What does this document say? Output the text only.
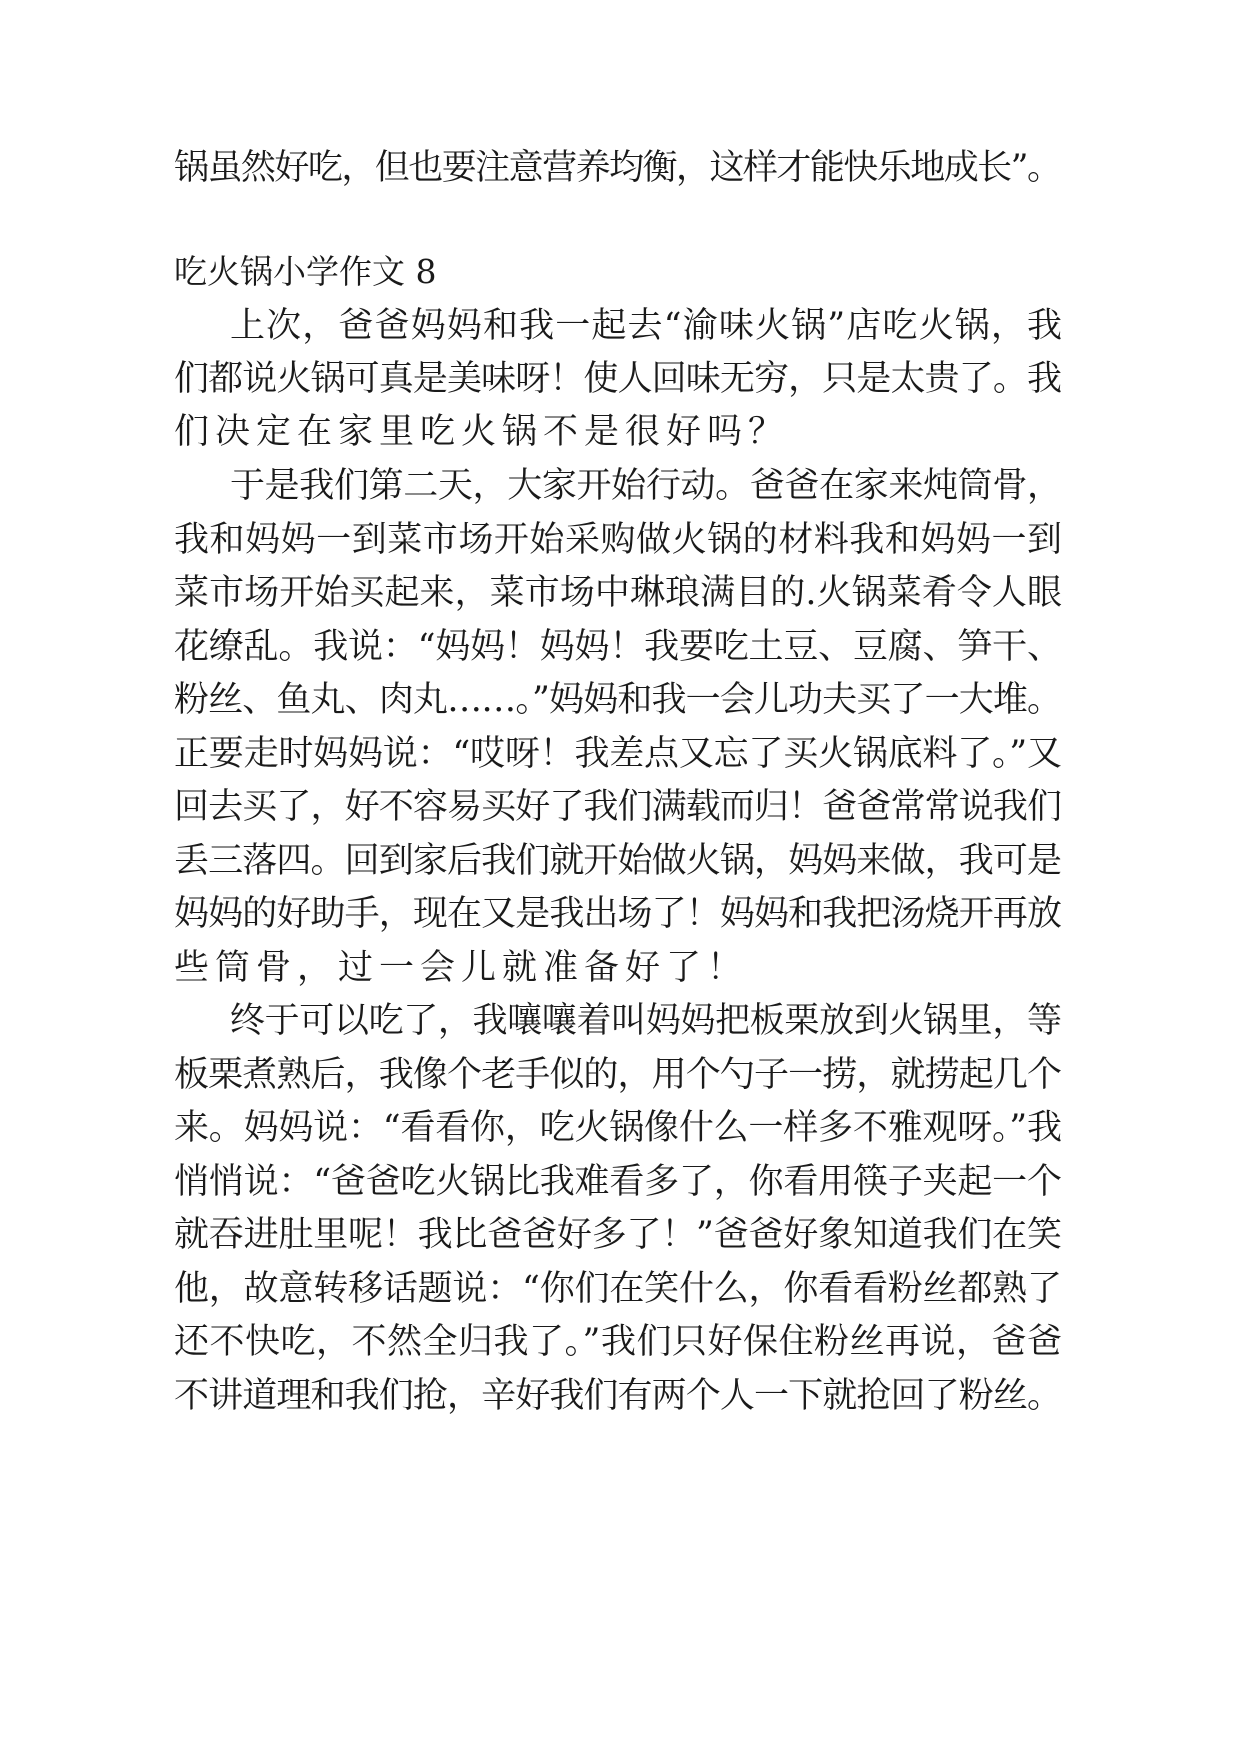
锅虽然好吃，但也要注意营养均衡，这样才能快乐地成长”。
吃火锅小学作文 8
上次，爸爸妈妈和我一起去“渝味火锅”店吃火锅，我
们都说火锅可真是美味呀！使人回味无穷，只是太贵了。我
们决定在家里吃火锅不是很好吗？
于是我们第二天，大家开始行动。爸爸在家来炖筒骨，
我和妈妈一到菜市场开始采购做火锅的材料我和妈妈一到
菜市场开始买起来，菜市场中琳琅满目的.火锅菜肴令人眼
花缭乱。我说：“妈妈！妈妈！我要吃土豆、豆腐、笋干、
粉丝、鱼丸、肉丸……。”妈妈和我一会儿功夫买了一大堆。
正要走时妈妈说：“哎呀！我差点又忘了买火锅底料了。”又
回去买了，好不容易买好了我们满载而归！爸爸常常说我们
丢三落四。回到家后我们就开始做火锅，妈妈来做，我可是
妈妈的好助手，现在又是我出场了！妈妈和我把汤烧开再放
些筒骨，过一会儿就准备好了！
终于可以吃了，我嚷嚷着叫妈妈把板栗放到火锅里，等
板栗煮熟后，我像个老手似的，用个勺子一捞，就捞起几个
来。妈妈说：“看看你，吃火锅像什么一样多不雅观呀。”我
悄悄说：“爸爸吃火锅比我难看多了，你看用筷子夹起一个
就吞进肚里呢！我比爸爸好多了！”爸爸好象知道我们在笑
他，故意转移话题说：“你们在笑什么，你看看粉丝都熟了
还不快吃，不然全归我了。”我们只好保住粉丝再说，爸爸
不讲道理和我们抢，辛好我们有两个人一下就抢回了粉丝。
